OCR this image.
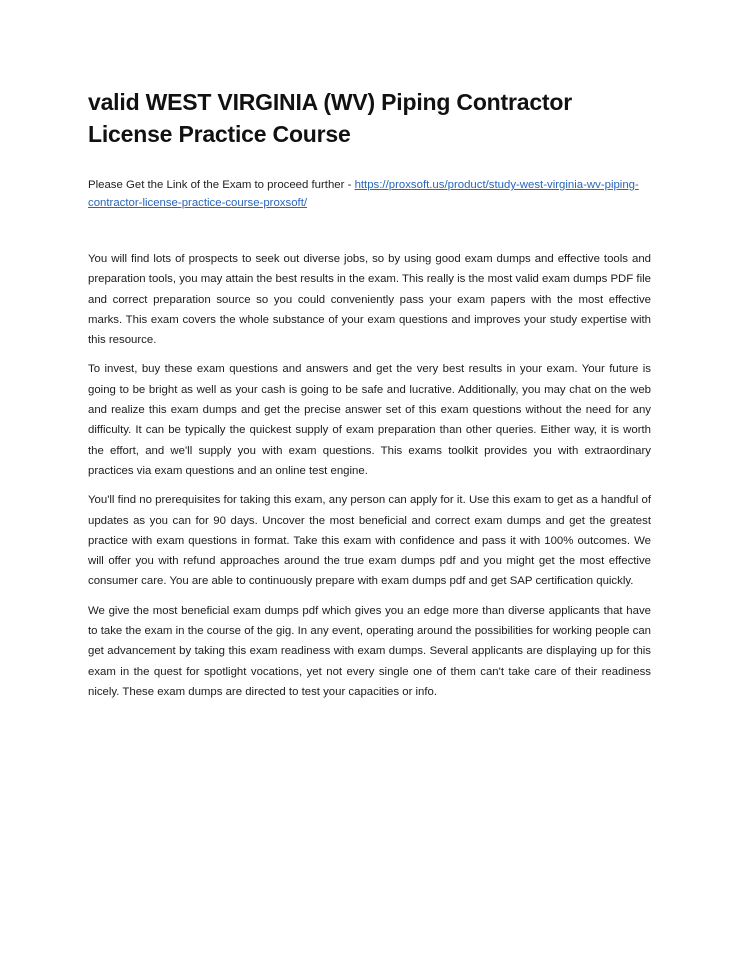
valid WEST VIRGINIA (WV) Piping Contractor
License Practice Course

Please Get the Link of the Exam to proceed further - https://proxsoft.us/product/study-west-virginia-wv-piping-contractor-license-practice-course-proxsoft/

You will find lots of prospects to seek out diverse jobs, so by using good exam dumps and effective tools and preparation tools, you may attain the best results in the exam. This really is the most valid exam dumps PDF file and correct preparation source so you could conveniently pass your exam papers with the most effective marks. This exam covers the whole substance of your exam questions and improves your study expertise with this resource.

To invest, buy these exam questions and answers and get the very best results in your exam. Your future is going to be bright as well as your cash is going to be safe and lucrative. Additionally, you may chat on the web and realize this exam dumps and get the precise answer set of this exam questions without the need for any difficulty. It can be typically the quickest supply of exam preparation than other queries. Either way, it is worth the effort, and we'll supply you with exam questions. This exams toolkit provides you with extraordinary practices via exam questions and an online test engine.

You'll find no prerequisites for taking this exam, any person can apply for it. Use this exam to get as a handful of updates as you can for 90 days. Uncover the most beneficial and correct exam dumps and get the greatest practice with exam questions in format. Take this exam with confidence and pass it with 100% outcomes. We will offer you with refund approaches around the true exam dumps pdf and you might get the most effective consumer care. You are able to continuously prepare with exam dumps pdf and get SAP certification quickly.

We give the most beneficial exam dumps pdf which gives you an edge more than diverse applicants that have to take the exam in the course of the gig. In any event, operating around the possibilities for working people can get advancement by taking this exam readiness with exam dumps. Several applicants are displaying up for this exam in the quest for spotlight vocations, yet not every single one of them can't take care of their readiness nicely. These exam dumps are directed to test your capacities or info.
